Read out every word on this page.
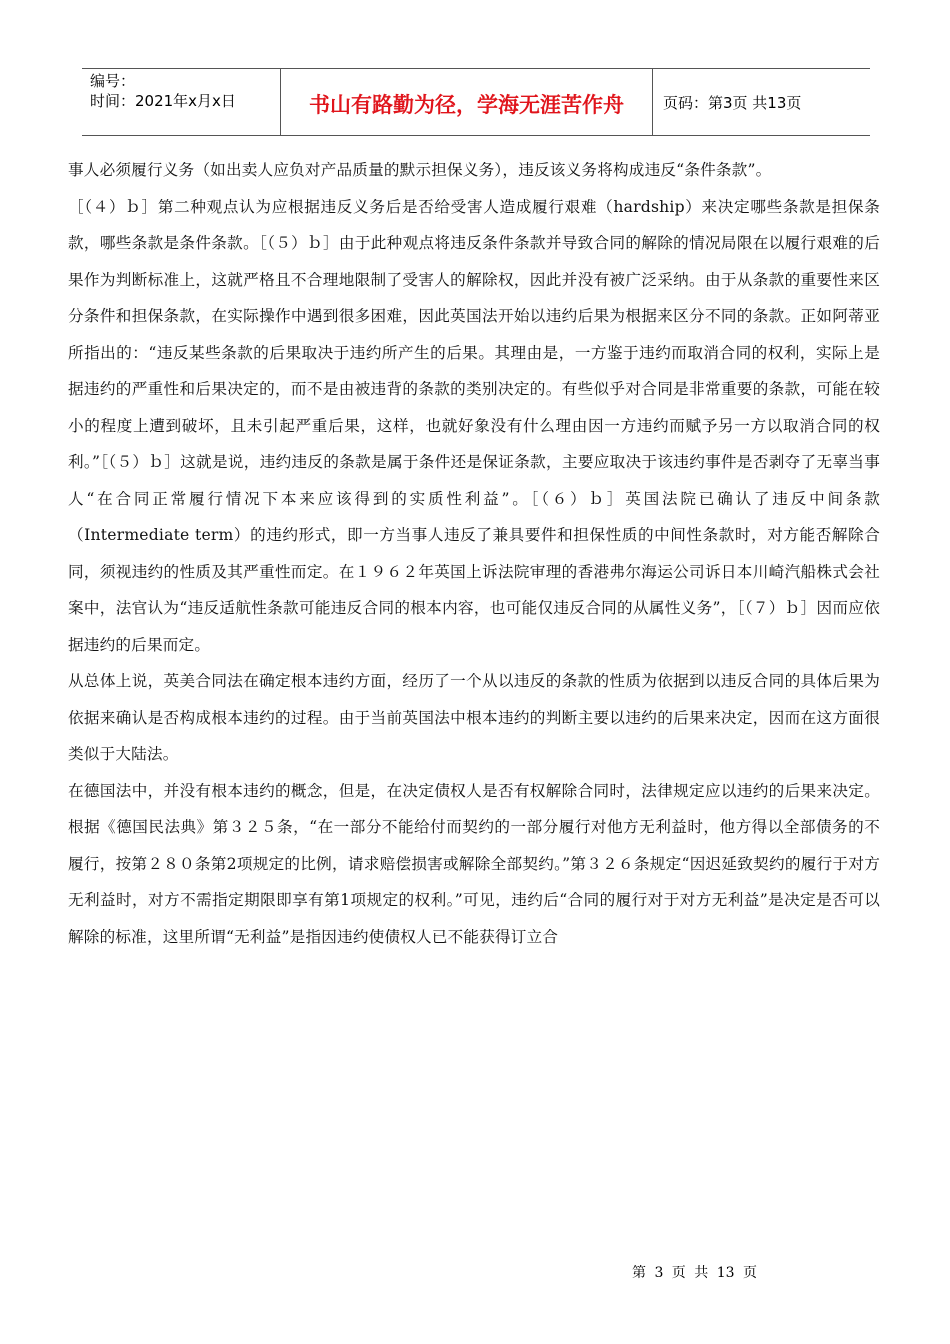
编号：
时间：2021年x月x日	书山有路勤为径，学海无涯苦作舟	页码：第3页 共13页

事人必须履行义务（如出卖人应负对产品质量的默示担保义务），违反该义务将构成违反“条件条款”。

［（４）ｂ］第二种观点认为应根据违反义务后是否给受害人造成履行艰难（hardship）来决定哪些条款是担保条款，哪些条款是条件条款。［（５）ｂ］由于此种观点将违反条件条款并导致合同的解除的情况局限在以履行艰难的后果作为判断标准上，这就严格且不合理地限制了受害人的解除权，因此并没有被广泛采纳。由于从条款的重要性来区分条件和担保条款，在实际操作中遇到很多困难，因此英国法开始以违约后果为根据来区分不同的条款。正如阿蒂亚所指出的：“违反某些条款的后果取决于违约所产生的后果。其理由是，一方鉴于违约而取消合同的权利，实际上是据违约的严重性和后果决定的，而不是由被违背的条款的类别决定的。有些似乎对合同是非常重要的条款，可能在较小的程度上遭到破坏，且未引起严重后果，这样，也就好象没有什么理由因一方违约而赋予另一方以取消合同的权利。”［（５）ｂ］这就是说，违约违反的条款是属于条件还是保证条款，主要应取决于该违约事件是否剥夺了无辜当事人“在合同正常履行情况下本来应该得到的实质性利益”。［（６）ｂ］英国法院已确认了违反中间条款（Intermediate term）的违约形式，即一方当事人违反了兼具要件和担保性质的中间性条款时，对方能否解除合同，须视违约的性质及其严重性而定。在１９６２年英国上诉法院审理的香港弗尔海运公司诉日本川崎汽船株式会社案中，法官认为“违反适航性条款可能违反合同的根本内容，也可能仅违反合同的从属性义务”，［（７）ｂ］因而应依据违约的后果而定。

从总体上说，英美合同法在确定根本违约方面，经历了一个从以违反的条款的性质为依据到以违反合同的具体后果为依据来确认是否构成根本违约的过程。由于当前英国法中根本违约的判断主要以违约的后果来决定，因而在这方面很类似于大陆法。

在德国法中，并没有根本违约的概念，但是，在决定债权人是否有权解除合同时，法律规定应以违约的后果来决定。根据《德国民法典》第３２５条，“在一部分不能给付而契约的一部分履行对他方无利益时，他方得以全部债务的不履行，按第２８０条第2项规定的比例，请求赔偿损害或解除全部契约。”第３２６条规定“因迟延致契约的履行于对方无利益时，对方不需指定期限即享有第1项规定的权利。”可见，违约后“合同的履行对于对方无利益”是决定是否可以解除的标准，这里所谓“无利益”是指因违约使债权人已不能获得订立合

第 3 页 共 13 页
